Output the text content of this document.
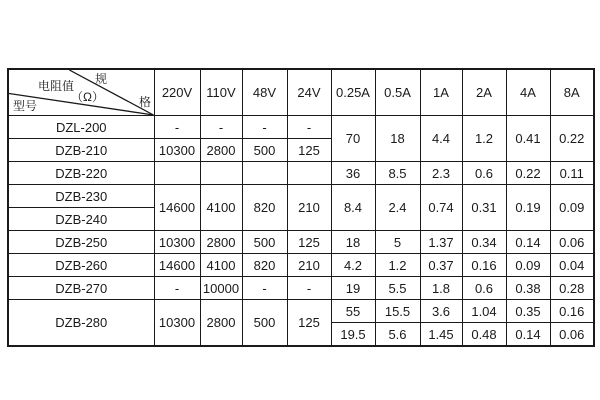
规
格
电阻值
（Ω）
型号	220V	110V	48V	24V	0.25A	0.5A	1A	2A	4A	8A
DZL-200	-	-	-	-	70	18	4.4	1.2	0.41	0.22
DZB-210	10300	2800	500	125						
DZB-220					36	8.5	2.3	0.6	0.22	0.11
DZB-230	14600	4100	820	210	8.4	2.4	0.74	0.31	0.19	0.09
DZB-240										
DZB-250	10300	2800	500	125	18	5	1.37	0.34	0.14	0.06
DZB-260	14600	4100	820	210	4.2	1.2	0.37	0.16	0.09	0.04
DZB-270	-	10000	-	-	19	5.5	1.8	0.6	0.38	0.28
DZB-280	10300	2800	500	125	55	15.5	3.6	1.04	0.35	0.16
					19.5	5.6	1.45	0.48	0.14	0.06
